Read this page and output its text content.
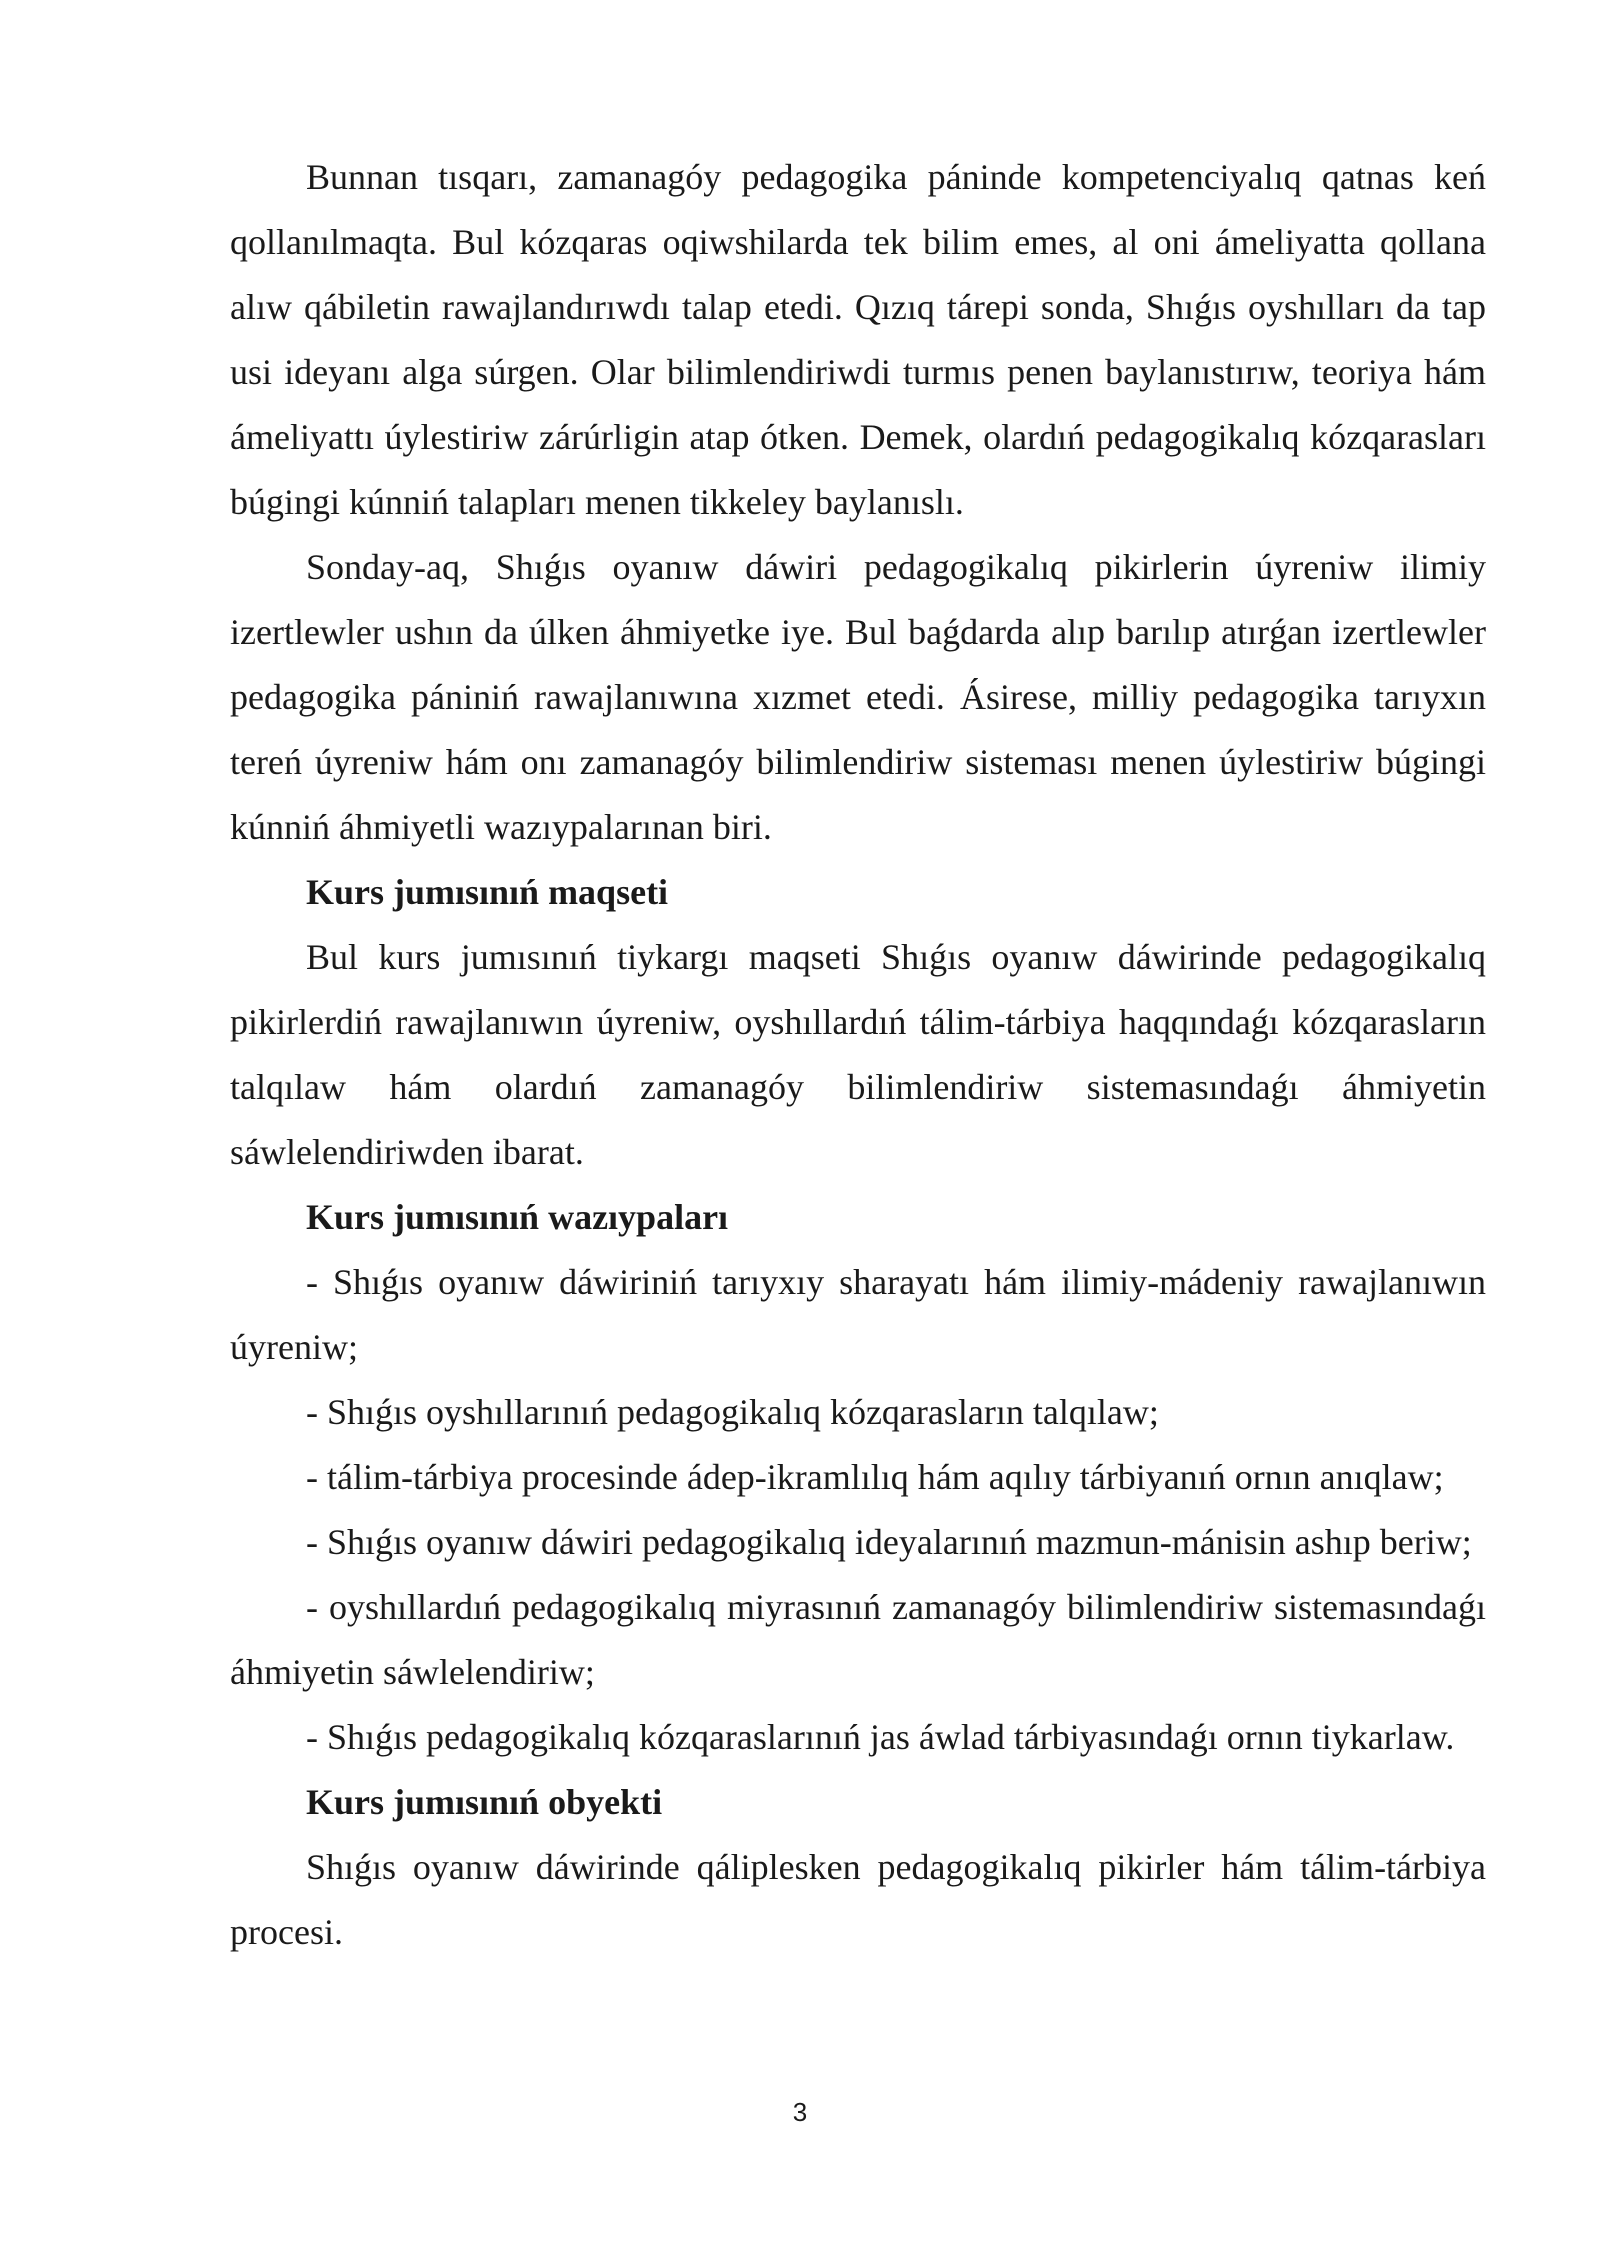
Bunnan tısqarı, zamanagóy pedagogika páninde kompetenciyalıq qatnas keń qollanılmaqta. Bul kózqaras oqiwshilarda tek bilim emes, al oni ámeliyatta qollana alıw qábiletin rawajlandırıwdı talap etedi. Qızıq tárepi sonda, Shıǵıs oyshılları da tap usi ideyanı alga súrgen. Olar bilimlendiriwdi turmıs penen baylanıstırıw, teoriya hám ámeliyattı úylestiriw zárúrligin atap ótken. Demek, olardıń pedagogikalıq kózqarasları búgingi kúnniń talapları menen tikkeley baylanıslı.

Sonday-aq, Shıǵıs oyanıw dáwiri pedagogikalıq pikirlerin úyreniw ilimiy izertlewler ushın da úlken áhmiyetke iye. Bul baǵdarda alıp barılıp atırǵan izertlewler pedagogika pániniń rawajlanıwına xızmet etedi. Ásirese, milliy pedagogika tarıyxın tereń úyreniw hám onı zamanagóy bilimlendiriw sisteması menen úylestiriw búgingi kúnniń áhmiyetli wazıypalarınan biri.

Kurs jumısınıń maqseti

Bul kurs jumısınıń tiykargı maqseti Shıǵıs oyanıw dáwirinde pedagogikalıq pikirlerdiń rawajlanıwın úyreniw, oyshıllardıń tálim-tárbiya haqqındaǵı kózqarasların talqılaw hám olardıń zamanagóy bilimlendiriw sistemasındaǵı áhmiyetin sáwlelendiriwden ibarat.

Kurs jumısınıń wazıypaları

- Shıǵıs oyanıw dáwiriniń tarıyxıy sharayatı hám ilimiy-mádeniy rawajlanıwın úyreniw;

- Shıǵıs oyshıllarınıń pedagogikalıq kózqarasların talqılaw;

- tálim-tárbiya procesinde ádep-ikramlılıq hám aqılıy tárbiyanıń ornın anıqlaw;

- Shıǵıs oyanıw dáwiri pedagogikalıq ideyalarınıń mazmun-mánisin ashıp beriw;

- oyshıllardıń pedagogikalıq miyrasınıń zamanagóy bilimlendiriw sistemasındaǵı áhmiyetin sáwlelendiriw;

- Shıǵıs pedagogikalıq kózqaraslarınıń jas áwlad tárbiyasındaǵı ornın tiykarlaw.

Kurs jumısınıń obyekti

Shıǵıs oyanıw dáwirinde qáliplesken pedagogikalıq pikirler hám tálim-tárbiya procesi.

3
